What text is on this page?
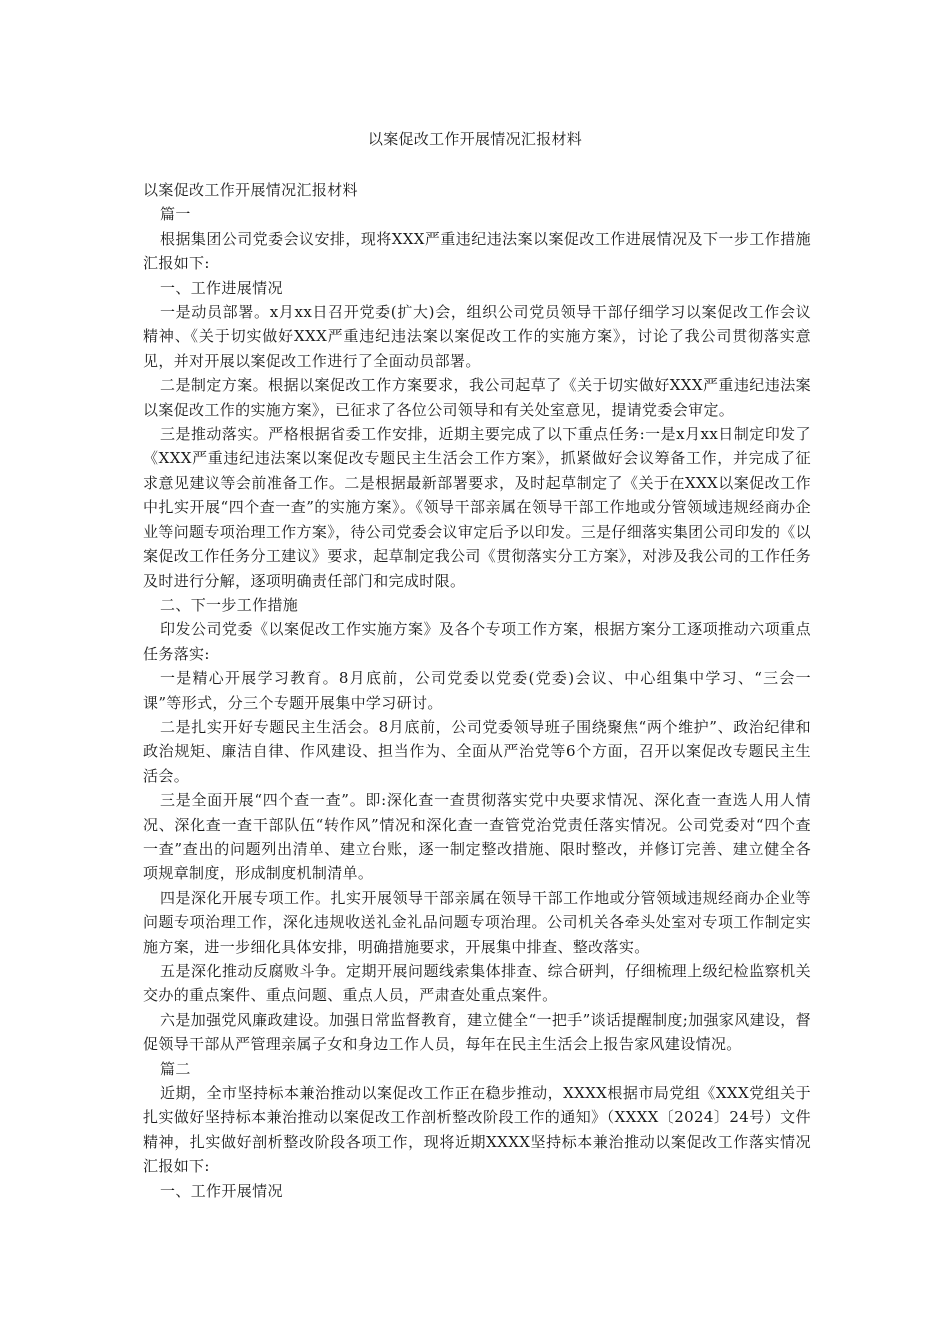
以案促改工作开展情况汇报材料

以案促改工作开展情况汇报材料

篇一

根据集团公司党委会议安排，现将XXX严重违纪违法案以案促改工作进展情况及下一步工作措施汇报如下:

一、工作进展情况

一是动员部署。x月xx日召开党委(扩大)会，组织公司党员领导干部仔细学习以案促改工作会议精神、《关于切实做好XXX严重违纪违法案以案促改工作的实施方案》，讨论了我公司贯彻落实意见，并对开展以案促改工作进行了全面动员部署。

二是制定方案。根据以案促改工作方案要求，我公司起草了《关于切实做好XXX严重违纪违法案以案促改工作的实施方案》，已征求了各位公司领导和有关处室意见，提请党委会审定。

三是推动落实。严格根据省委工作安排，近期主要完成了以下重点任务:一是x月xx日制定印发了《XXX严重违纪违法案以案促改专题民主生活会工作方案》，抓紧做好会议筹备工作，并完成了征求意见建议等会前准备工作。二是根据最新部署要求，及时起草制定了《关于在XXX以案促改工作中扎实开展“四个查一查”的实施方案》。《领导干部亲属在领导干部工作地或分管领域违规经商办企业等问题专项治理工作方案》，待公司党委会议审定后予以印发。三是仔细落实集团公司印发的《以案促改工作任务分工建议》要求，起草制定我公司《贯彻落实分工方案》，对涉及我公司的工作任务及时进行分解，逐项明确责任部门和完成时限。

二、下一步工作措施

印发公司党委《以案促改工作实施方案》及各个专项工作方案，根据方案分工逐项推动六项重点任务落实:

一是精心开展学习教育。8月底前，公司党委以党委(党委)会议、中心组集中学习、“三会一课”等形式，分三个专题开展集中学习研讨。

二是扎实开好专题民主生活会。8月底前，公司党委领导班子围绕聚焦“两个维护”、政治纪律和政治规矩、廉洁自律、作风建设、担当作为、全面从严治党等6个方面，召开以案促改专题民主生活会。

三是全面开展“四个查一查”。即:深化查一查贯彻落实党中央要求情况、深化查一查选人用人情况、深化查一查干部队伍“转作风”情况和深化查一查管党治党责任落实情况。公司党委对“四个查一查”查出的问题列出清单、建立台账，逐一制定整改措施、限时整改，并修订完善、建立健全各项规章制度，形成制度机制清单。

四是深化开展专项工作。扎实开展领导干部亲属在领导干部工作地或分管领域违规经商办企业等问题专项治理工作，深化违规收送礼金礼品问题专项治理。公司机关各牵头处室对专项工作制定实施方案，进一步细化具体安排，明确措施要求，开展集中排查、整改落实。

五是深化推动反腐败斗争。定期开展问题线索集体排查、综合研判，仔细梳理上级纪检监察机关交办的重点案件、重点问题、重点人员，严肃查处重点案件。

六是加强党风廉政建设。加强日常监督教育，建立健全“一把手”谈话提醒制度;加强家风建设，督促领导干部从严管理亲属子女和身边工作人员，每年在民主生活会上报告家风建设情况。

篇二

近期，全市坚持标本兼治推动以案促改工作正在稳步推动，XXXX根据市局党组《XXX党组关于扎实做好坚持标本兼治推动以案促改工作剖析整改阶段工作的通知》（XXXX〔2024〕24号）文件精神，扎实做好剖析整改阶段各项工作，现将近期XXXX坚持标本兼治推动以案促改工作落实情况汇报如下:

一、工作开展情况
